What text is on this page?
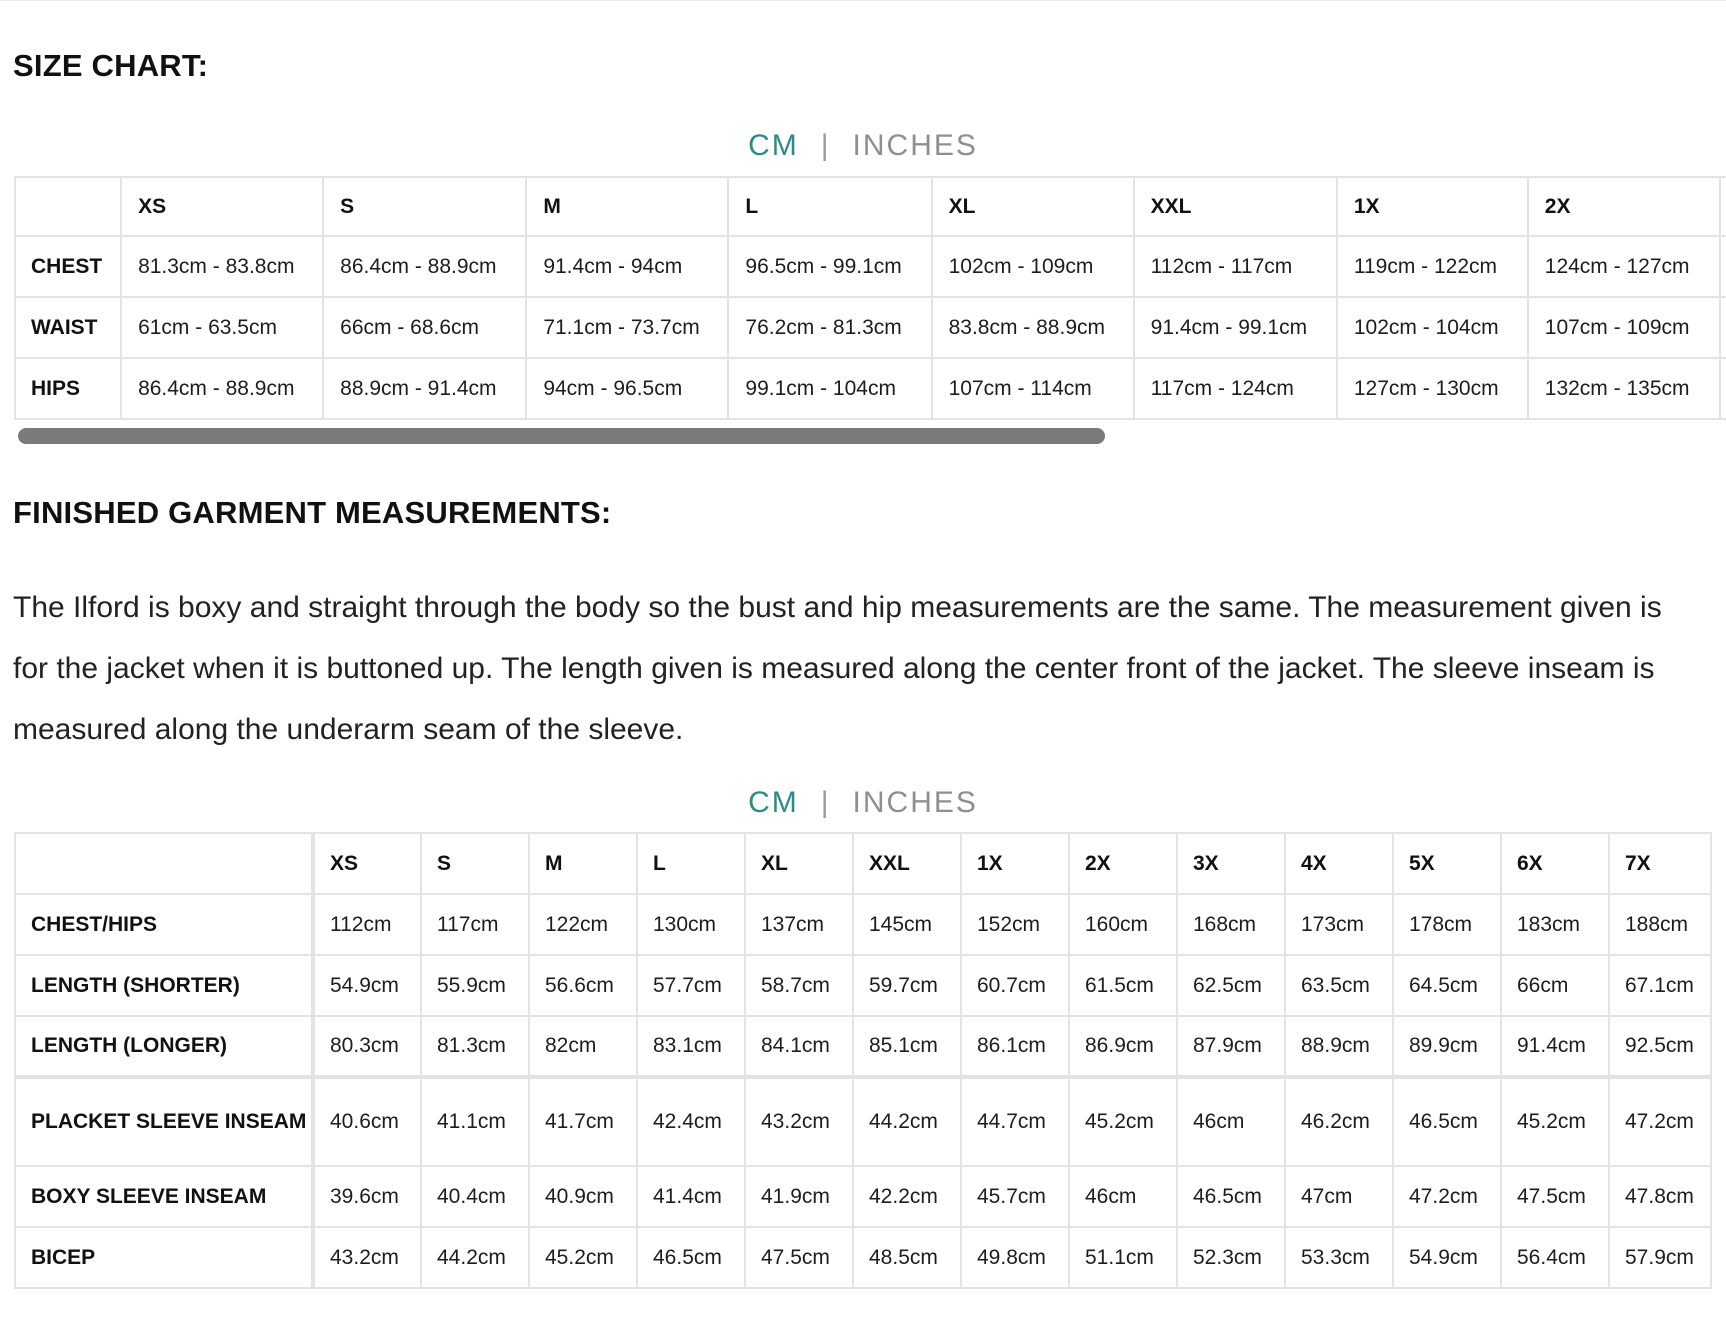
SIZE CHART:
CM | INCHES
	XS	S	M	L	XL	XXL	1X	2X	
CHEST	81.3cm - 83.8cm	86.4cm - 88.9cm	91.4cm - 94cm	96.5cm - 99.1cm	102cm - 109cm	112cm - 117cm	119cm - 122cm	124cm - 127cm	
WAIST	61cm - 63.5cm	66cm - 68.6cm	71.1cm - 73.7cm	76.2cm - 81.3cm	83.8cm - 88.9cm	91.4cm - 99.1cm	102cm - 104cm	107cm - 109cm	
HIPS	86.4cm - 88.9cm	88.9cm - 91.4cm	94cm - 96.5cm	99.1cm - 104cm	107cm - 114cm	117cm - 124cm	127cm - 130cm	132cm - 135cm	
FINISHED GARMENT MEASUREMENTS:

The Ilford is boxy and straight through the body so the bust and hip measurements are the same. The measurement given is for the jacket when it is buttoned up. The length given is measured along the center front of the jacket. The sleeve inseam is measured along the underarm seam of the sleeve.

CM | INCHES
	XS	S	M	L	XL	XXL	1X	2X	3X	4X	5X	6X	7X
CHEST/HIPS	112cm	117cm	122cm	130cm	137cm	145cm	152cm	160cm	168cm	173cm	178cm	183cm	188cm
LENGTH (SHORTER)	54.9cm	55.9cm	56.6cm	57.7cm	58.7cm	59.7cm	60.7cm	61.5cm	62.5cm	63.5cm	64.5cm	66cm	67.1cm
LENGTH (LONGER)	80.3cm	81.3cm	82cm	83.1cm	84.1cm	85.1cm	86.1cm	86.9cm	87.9cm	88.9cm	89.9cm	91.4cm	92.5cm
PLACKET SLEEVE INSEAM	40.6cm	41.1cm	41.7cm	42.4cm	43.2cm	44.2cm	44.7cm	45.2cm	46cm	46.2cm	46.5cm	45.2cm	47.2cm
BOXY SLEEVE INSEAM	39.6cm	40.4cm	40.9cm	41.4cm	41.9cm	42.2cm	45.7cm	46cm	46.5cm	47cm	47.2cm	47.5cm	47.8cm
BICEP	43.2cm	44.2cm	45.2cm	46.5cm	47.5cm	48.5cm	49.8cm	51.1cm	52.3cm	53.3cm	54.9cm	56.4cm	57.9cm
